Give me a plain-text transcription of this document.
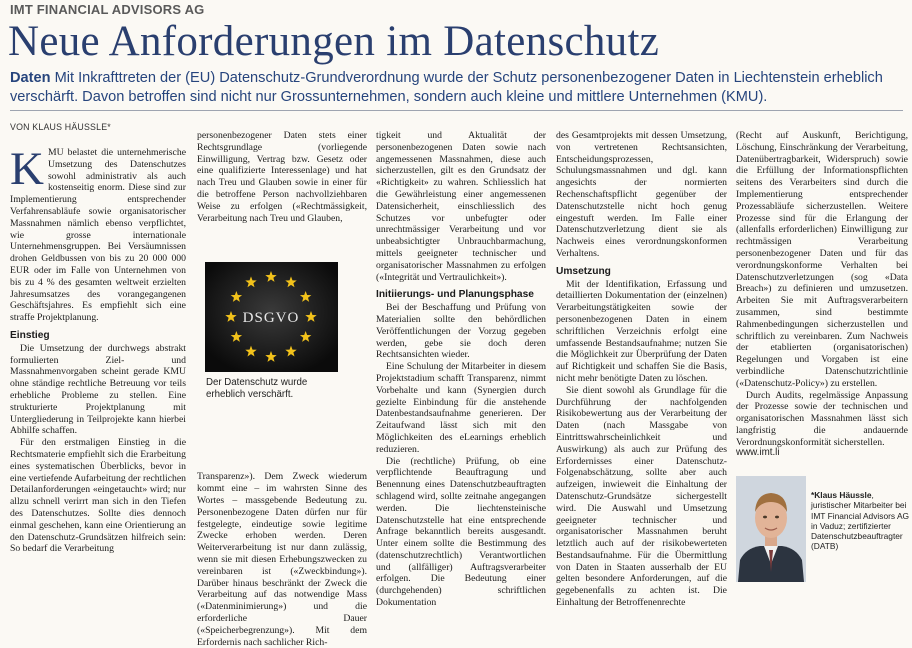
IMT FINANCIAL ADVISORS AG
Neue Anforderungen im Datenschutz

Daten Mit Inkrafttreten der (EU) Datenschutz-Grundverordnung wurde der Schutz personenbezogener Daten in Liechtenstein erheblich verschärft. Davon betroffen sind nicht nur Grossunternehmen, sondern auch kleine und mittlere Unternehmen (KMU).

VON KLAUS HÄUSSLE*

KMU belastet die unternehmerische Umsetzung des Datenschutzes sowohl administrativ als auch kostenseitig enorm. Diese sind zur Implementierung entsprechender Verfahrensabläufe sowie organisatorischer Massnahmen nämlich ebenso verpflichtet, wie grosse internationale Unternehmensgruppen. Bei Versäumnissen drohen Geldbussen von bis zu 20 000 000 EUR oder im Falle von Unternehmen von bis zu 4 % des gesamten weltweit erzielten Jahresumsatzes des vorangegangenen Geschäftsjahres. Es empfiehlt sich eine straffe Projektplanung.

Einstieg

Die Umsetzung der durchwegs abstrakt formulierten Ziel- und Massnahmenvorgaben scheint gerade KMU ohne ständige rechtliche Betreuung vor teils erhebliche Probleme zu stellen. Eine strukturierte Projektplanung mit Untergliederung in Teilprojekte kann hierbei Abhilfe schaffen.

Für den erstmaligen Einstieg in die Rechtsmaterie empfiehlt sich die Erarbeitung eines systematischen Überblicks, bevor in eine vertiefende Aufarbeitung der rechtlichen Detailanforderungen «eingetaucht» wird; nur allzu schnell verirrt man sich in den Tiefen des Datenschutzes. Sollte dies dennoch einmal geschehen, kann eine Orientierung an den Datenschutz-Grundsätzen hilfreich sein: So bedarf die Verarbeitung

personenbezogener Daten stets einer Rechtsgrundlage (vorliegende Einwilligung, Vertrag bzw. Gesetz oder eine qualifizierte Interessenlage) und hat nach Treu und Glauben sowie in einer für die betroffene Person nachvollziehbaren Weise zu erfolgen («Rechtmässigkeit, Verarbeitung nach Treu und Glauben,

Transparenz»). Dem Zweck wiederum kommt eine – im wahrsten Sinne des Wortes – massgebende Bedeutung zu. Personenbezogene Daten dürfen nur für festgelegte, eindeutige sowie legitime Zwecke erhoben werden. Deren Weiterverarbeitung ist nur dann zulässig, wenn sie mit diesen Erhebungszwecken zu vereinbaren ist («Zweckbindung»). Darüber hinaus beschränkt der Zweck die Verarbeitung auf das notwendige Mass («Datenminimierung») und die erforderliche Dauer («Speicherbegrenzung»). Mit dem Erfordernis nach sachlicher Rich-

DSGVO
Der Datenschutz wurde erheblich verschärft.

tigkeit und Aktualität der personenbezogenen Daten sowie nach angemessenen Massnahmen, diese auch sicherzustellen, gilt es den Grundsatz der «Richtigkeit» zu wahren. Schliesslich hat die Gewährleistung einer angemessenen Datensicherheit, einschliesslich des Schutzes vor unbefugter oder unrechtmässiger Verarbeitung und vor unbeabsichtigter Unbrauchbarmachung, mittels geeigneter technischer und organisatorischer Massnahmen zu erfolgen («Integrität und Vertraulichkeit»).

Initiierungs- und Planungsphase

Bei der Beschaffung und Prüfung von Materialien sollte den behördlichen Veröffentlichungen der Vorzug gegeben werden, gebe sie doch deren Rechtsansichten wieder.

Eine Schulung der Mitarbeiter in diesem Projektstadium schafft Transparenz, nimmt Vorbehalte und kann (Synergien durch gezielte Einbindung für die anstehende Datenbestandsaufnahme generieren. Der Zeitaufwand lässt sich mit den Möglichkeiten des eLearnings erheblich reduzieren.

Die (rechtliche) Prüfung, ob eine verpflichtende Beauftragung und Benennung eines Datenschutzbeauftragten schlagend wird, sollte zeitnahe angegangen werden. Die liechtensteinische Datenschutzstelle hat eine entsprechende Anfrage bekanntlich bereits ausgesandt. Unter einem sollte die Bestimmung des (datenschutzrechtlich) Verantwortlichen und (allfälliger) Auftragsverarbeiter erfolgen. Die Bedeutung einer (durchgehenden) schriftlichen Dokumentation

des Gesamtprojekts mit dessen Umsetzung, von vertretenen Rechtsansichten, Entscheidungsprozessen, Schulungsmassnahmen und dgl. kann angesichts der normierten Rechenschaftspflicht gegenüber der Datenschutzstelle nicht hoch genug eingestuft werden. Im Falle einer Datenschutzverletzung dient sie als Nachweis eines verordnungskonformen Verhaltens.

Umsetzung

Mit der Identifikation, Erfassung und detaillierten Dokumentation der (einzelnen) Verarbeitungstätigkeiten sowie der personenbezogenen Daten in einem schriftlichen Verzeichnis erfolgt eine umfassende Bestandsaufnahme; nutzen Sie die Möglichkeit zur Überprüfung der Daten auf Richtigkeit und schaffen Sie die Basis, nicht mehr benötigte Daten zu löschen.

Sie dient sowohl als Grundlage für die Durchführung der nachfolgenden Risikobewertung aus der Verarbeitung der Daten (nach Massgabe von Eintrittswahrscheinlichkeit und Auswirkung) als auch zur Prüfung des Erfordernisses einer Datenschutz-Folgenabschätzung, sollte aber auch aufzeigen, inwieweit die Einhaltung der Datenschutz-Grundsätze sichergestellt wird. Die Auswahl und Umsetzung geeigneter technischer und organisatorischer Massnahmen beruht letztlich auch auf der risikobewerteten Bestandsaufnahme. Für die Übermittlung von Daten in Staaten ausserhalb der EU gelten besondere Anforderungen, auf die gegebenenfalls zu achten ist. Die Einhaltung der Betroffenenrechte

(Recht auf Auskunft, Berichtigung, Löschung, Einschränkung der Verarbeitung, Datenübertragbarkeit, Widerspruch) sowie die Erfüllung der Informationspflichten seitens des Verarbeiters sind durch die Implementierung entsprechender Prozessabläufe sicherzustellen. Weitere Prozesse sind für die Erlangung der (allenfalls erforderlichen) Einwilligung zur rechtmässigen Verarbeitung personenbezogener Daten und für das verordnungskonforme Verhalten bei Datenschutzverletzungen (sog «Data Breach») zu definieren und umzusetzen. Arbeiten Sie mit Auftragsverarbeitern zusammen, sind bestimmte Rahmenbedingungen sicherzustellen und schriftlich zu vereinbaren. Zum Nachweis der etablierten (organisatorischen) Regelungen und Vorgaben ist eine verbindliche Datenschutzrichtlinie («Datenschutz-Policy») zu erstellen.

Durch Audits, regelmässige Anpassung der Prozesse sowie der technischen und organisatorischen Massnahmen lässt sich langfristig die andauernde Verordnungskonformität sicherstellen.

www.imt.li
*Klaus Häussle, juristischer Mitarbeiter bei IMT Financial Advisors AG in Vaduz; zertifizierter Datenschutzbeauftragter (DATB)
